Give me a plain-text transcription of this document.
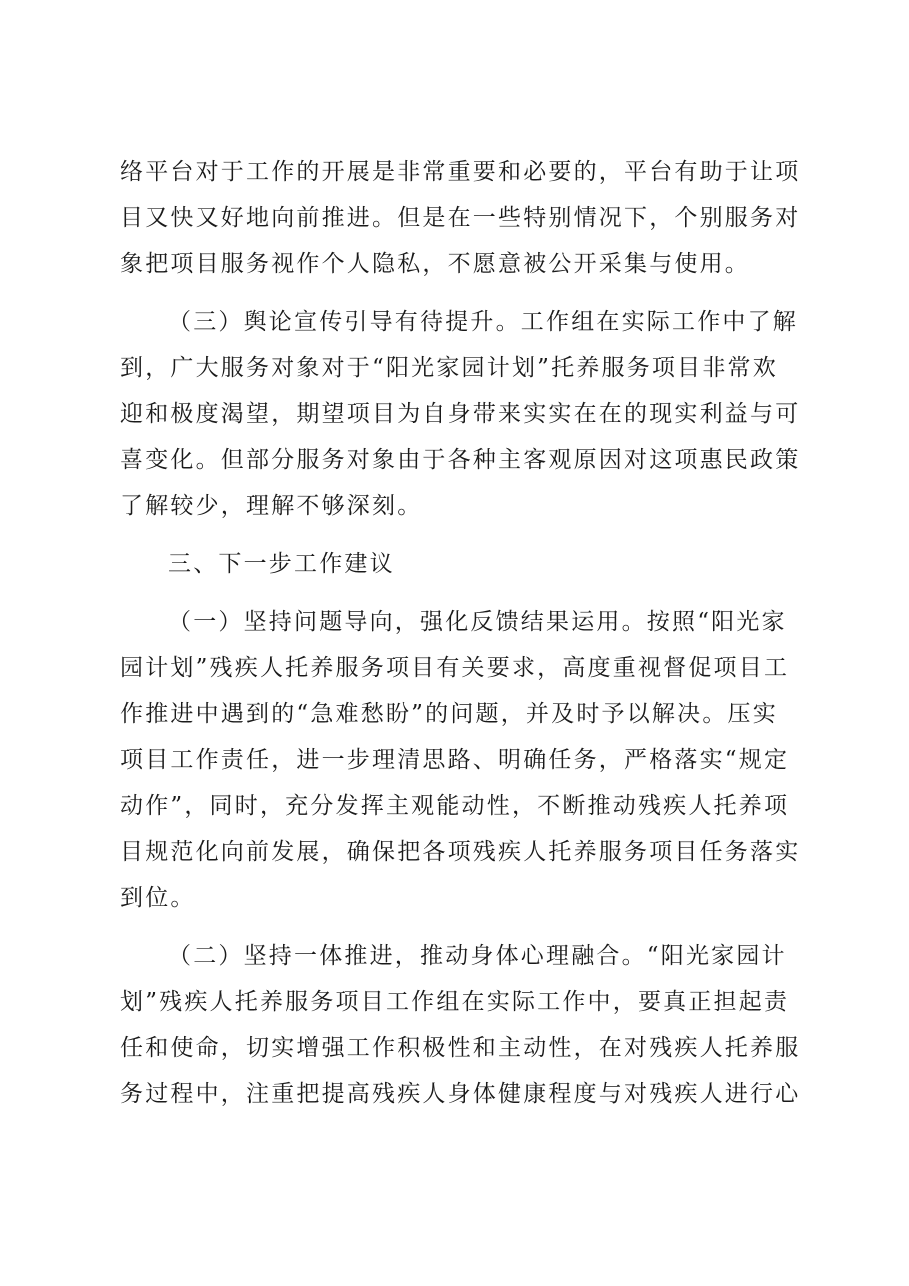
络平台对于工作的开展是非常重要和必要的，平台有助于让项
目又快又好地向前推进。但是在一些特别情况下，个别服务对
象把项目服务视作个人隐私，不愿意被公开采集与使用。
（三）舆论宣传引导有待提升。工作组在实际工作中了解
到，广大服务对象对于“阳光家园计划”托养服务项目非常欢
迎和极度渴望，期望项目为自身带来实实在在的现实利益与可
喜变化。但部分服务对象由于各种主客观原因对这项惠民政策
了解较少，理解不够深刻。
三、下一步工作建议
（一）坚持问题导向，强化反馈结果运用。按照“阳光家
园计划”残疾人托养服务项目有关要求，高度重视督促项目工
作推进中遇到的“急难愁盼”的问题，并及时予以解决。压实
项目工作责任，进一步理清思路、明确任务，严格落实“规定
动作”，同时，充分发挥主观能动性，不断推动残疾人托养项
目规范化向前发展，确保把各项残疾人托养服务项目任务落实
到位。
（二）坚持一体推进，推动身体心理融合。“阳光家园计
划”残疾人托养服务项目工作组在实际工作中，要真正担起责
任和使命，切实增强工作积极性和主动性，在对残疾人托养服
务过程中，注重把提高残疾人身体健康程度与对残疾人进行心
